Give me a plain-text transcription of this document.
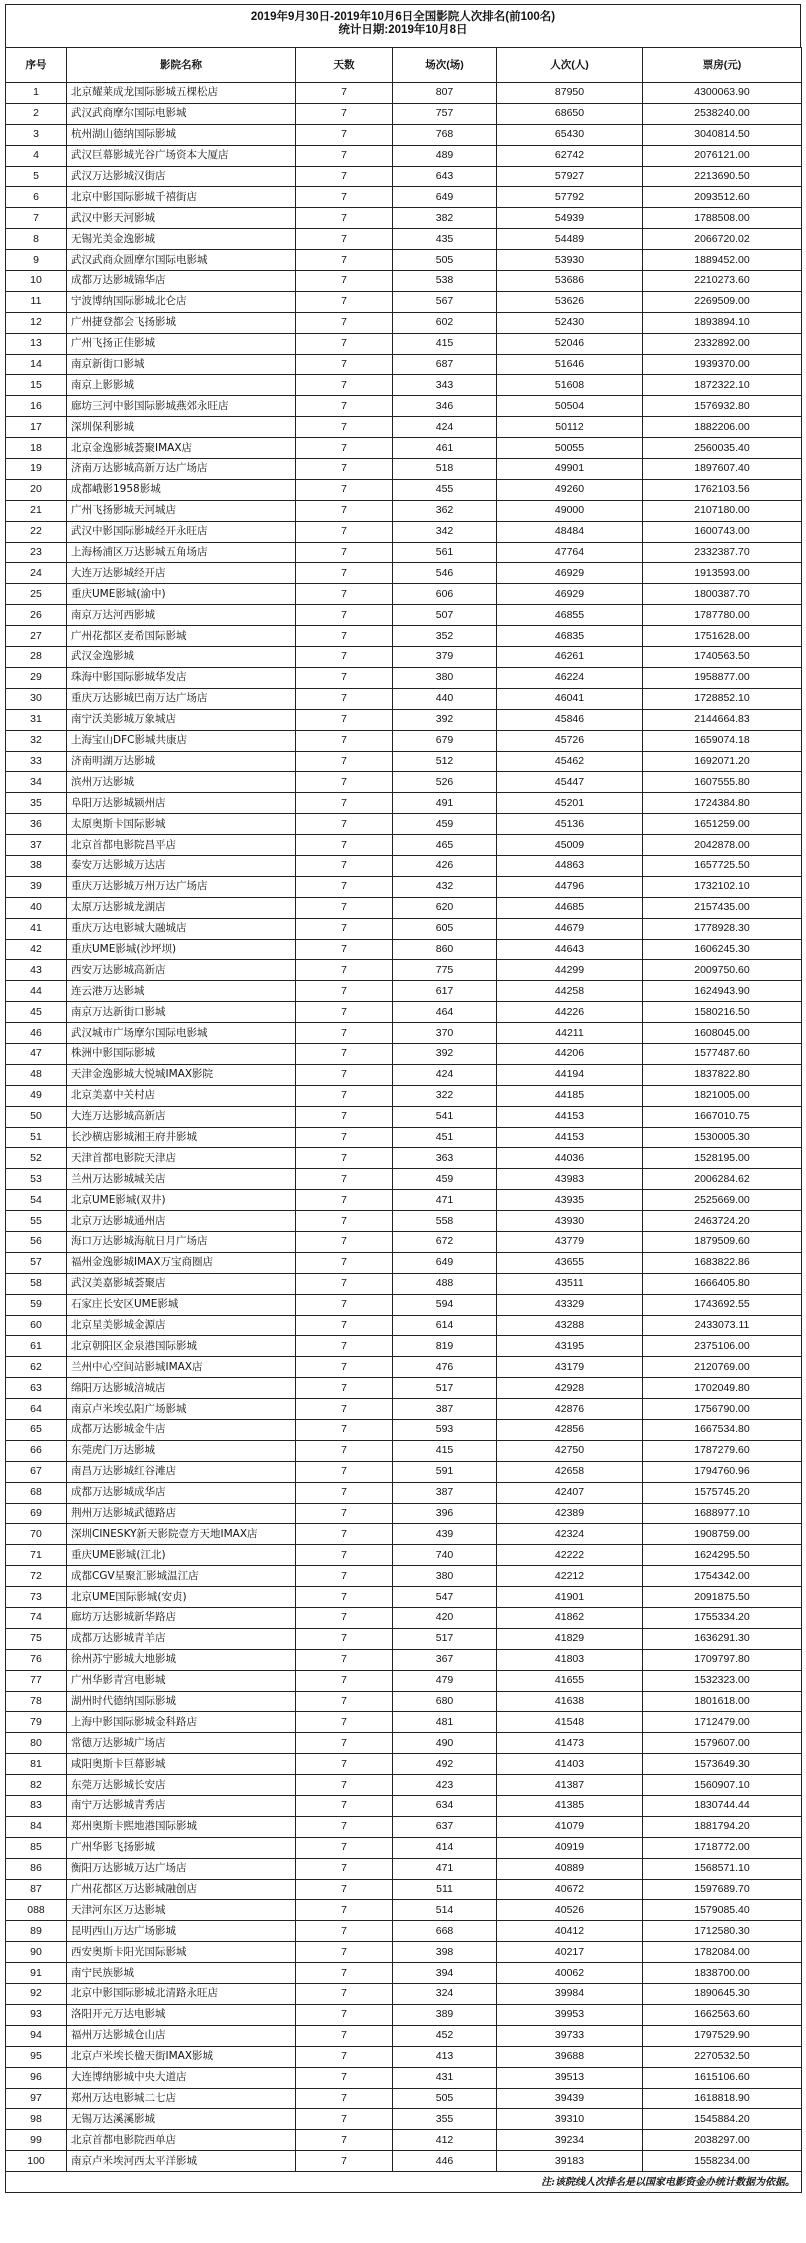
2019年9月30日-2019年10月6日全国影院人次排名(前100名)
统计日期:2019年10月8日
序号	影院名称	天数	场次(场)	人次(人)	票房(元)
1	北京耀莱成龙国际影城五棵松店	7	807	87950	4300063.90
2	武汉武商摩尔国际电影城	7	757	68650	2538240.00
3	杭州湖山德纳国际影城	7	768	65430	3040814.50
4	武汉巨幕影城光谷广场资本大厦店	7	489	62742	2076121.00
5	武汉万达影城汉街店	7	643	57927	2213690.50
6	北京中影国际影城千禧街店	7	649	57792	2093512.60
7	武汉中影天河影城	7	382	54939	1788508.00
8	无锡光美金逸影城	7	435	54489	2066720.02
9	武汉武商众圆摩尔国际电影城	7	505	53930	1889452.00
10	成都万达影城锦华店	7	538	53686	2210273.60
11	宁波博纳国际影城北仑店	7	567	53626	2269509.00
12	广州捷登都会飞扬影城	7	602	52430	1893894.10
13	广州飞扬正佳影城	7	415	52046	2332892.00
14	南京新街口影城	7	687	51646	1939370.00
15	南京上影影城	7	343	51608	1872322.10
16	廊坊三河中影国际影城燕郊永旺店	7	346	50504	1576932.80
17	深圳保利影城	7	424	50112	1882206.00
18	北京金逸影城荟聚IMAX店	7	461	50055	2560035.40
19	济南万达影城高新万达广场店	7	518	49901	1897607.40
20	成都峨影1958影城	7	455	49260	1762103.56
21	广州飞扬影城天河城店	7	362	49000	2107180.00
22	武汉中影国际影城经开永旺店	7	342	48484	1600743.00
23	上海杨浦区万达影城五角场店	7	561	47764	2332387.70
24	大连万达影城经开店	7	546	46929	1913593.00
25	重庆UME影城(渝中)	7	606	46929	1800387.70
26	南京万达河西影城	7	507	46855	1787780.00
27	广州花都区麦希国际影城	7	352	46835	1751628.00
28	武汉金逸影城	7	379	46261	1740563.50
29	珠海中影国际影城华发店	7	380	46224	1958877.00
30	重庆万达影城巴南万达广场店	7	440	46041	1728852.10
31	南宁沃美影城万象城店	7	392	45846	2144664.83
32	上海宝山DFC影城共康店	7	679	45726	1659074.18
33	济南明湖万达影城	7	512	45462	1692071.20
34	滨州万达影城	7	526	45447	1607555.80
35	阜阳万达影城颍州店	7	491	45201	1724384.80
36	太原奥斯卡国际影城	7	459	45136	1651259.00
37	北京首都电影院昌平店	7	465	45009	2042878.00
38	泰安万达影城万达店	7	426	44863	1657725.50
39	重庆万达影城万州万达广场店	7	432	44796	1732102.10
40	太原万达影城龙湖店	7	620	44685	2157435.00
41	重庆万达电影城大融城店	7	605	44679	1778928.30
42	重庆UME影城(沙坪坝)	7	860	44643	1606245.30
43	西安万达影城高新店	7	775	44299	2009750.60
44	连云港万达影城	7	617	44258	1624943.90
45	南京万达新街口影城	7	464	44226	1580216.50
46	武汉城市广场摩尔国际电影城	7	370	44211	1608045.00
47	株洲中影国际影城	7	392	44206	1577487.60
48	天津金逸影城大悦城IMAX影院	7	424	44194	1837822.80
49	北京美嘉中关村店	7	322	44185	1821005.00
50	大连万达影城高新店	7	541	44153	1667010.75
51	长沙横店影城湘王府井影城	7	451	44153	1530005.30
52	天津首都电影院天津店	7	363	44036	1528195.00
53	兰州万达影城城关店	7	459	43983	2006284.62
54	北京UME影城(双井)	7	471	43935	2525669.00
55	北京万达影城通州店	7	558	43930	2463724.20
56	海口万达影城海航日月广场店	7	672	43779	1879509.60
57	福州金逸影城IMAX万宝商圈店	7	649	43655	1683822.86
58	武汉美嘉影城荟聚店	7	488	43511	1666405.80
59	石家庄长安区UME影城	7	594	43329	1743692.55
60	北京星美影城金源店	7	614	43288	2433073.11
61	北京朝阳区金泉港国际影城	7	819	43195	2375106.00
62	兰州中心空间站影城IMAX店	7	476	43179	2120769.00
63	绵阳万达影城涪城店	7	517	42928	1702049.80
64	南京卢米埃弘阳广场影城	7	387	42876	1756790.00
65	成都万达影城金牛店	7	593	42856	1667534.80
66	东莞虎门万达影城	7	415	42750	1787279.60
67	南昌万达影城红谷滩店	7	591	42658	1794760.96
68	成都万达影城成华店	7	387	42407	1575745.20
69	荆州万达影城武德路店	7	396	42389	1688977.10
70	深圳CINESKY新天影院壹方天地IMAX店	7	439	42324	1908759.00
71	重庆UME影城(江北)	7	740	42222	1624295.50
72	成都CGV星聚汇影城温江店	7	380	42212	1754342.00
73	北京UME国际影城(安贞)	7	547	41901	2091875.50
74	廊坊万达影城新华路店	7	420	41862	1755334.20
75	成都万达影城青羊店	7	517	41829	1636291.30
76	徐州苏宁影城大地影城	7	367	41803	1709797.80
77	广州华影青宫电影城	7	479	41655	1532323.00
78	湖州时代德纳国际影城	7	680	41638	1801618.00
79	上海中影国际影城金科路店	7	481	41548	1712479.00
80	常德万达影城广场店	7	490	41473	1579607.00
81	咸阳奥斯卡巨幕影城	7	492	41403	1573649.30
82	东莞万达影城长安店	7	423	41387	1560907.10
83	南宁万达影城青秀店	7	634	41385	1830744.44
84	郑州奥斯卡熙地港国际影城	7	637	41079	1881794.20
85	广州华影飞扬影城	7	414	40919	1718772.00
86	衡阳万达影城万达广场店	7	471	40889	1568571.10
87	广州花都区万达影城融创店	7	511	40672	1597689.70
088	天津河东区万达影城	7	514	40526	1579085.40
89	昆明西山万达广场影城	7	668	40412	1712580.30
90	西安奥斯卡阳光国际影城	7	398	40217	1782084.00
91	南宁民族影城	7	394	40062	1838700.00
92	北京中影国际影城北清路永旺店	7	324	39984	1890645.30
93	洛阳开元万达电影城	7	389	39953	1662563.60
94	福州万达影城仓山店	7	452	39733	1797529.90
95	北京卢米埃长楹天街IMAX影城	7	413	39688	2270532.50
96	大连博纳影城中央大道店	7	431	39513	1615106.60
97	郑州万达电影城二七店	7	505	39439	1618818.90
98	无锡万达溪溪影城	7	355	39310	1545884.20
99	北京首都电影院西单店	7	412	39234	2038297.00
100	南京卢米埃河西太平洋影城	7	446	39183	1558234.00
注:该院线人次排名是以国家电影资金办统计数据为依据。					
